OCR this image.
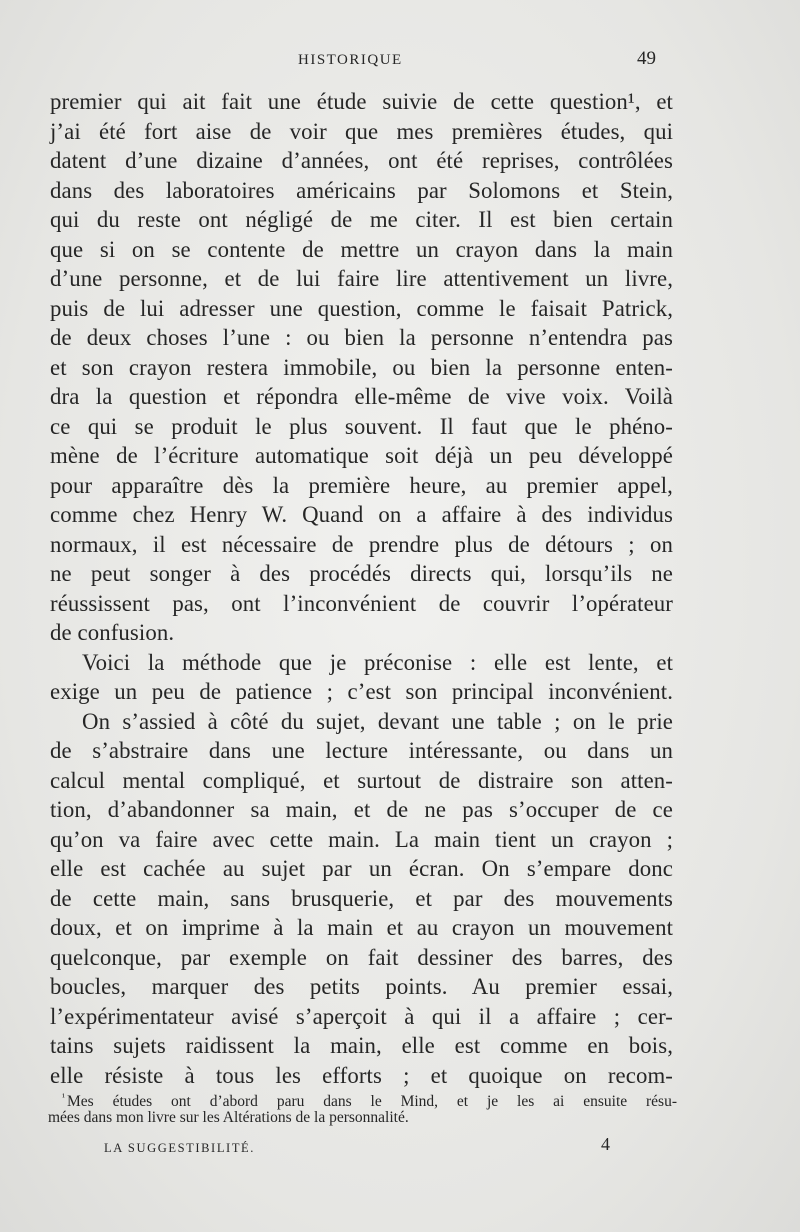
HISTORIQUE	49
premier qui ait fait une étude suivie de cette question¹, et
j’ai été fort aise de voir que mes premières études, qui
datent d’une dizaine d’années, ont été reprises, contrôlées
dans des laboratoires américains par Solomons et Stein,
qui du reste ont négligé de me citer. Il est bien certain
que si on se contente de mettre un crayon dans la main
d’une personne, et de lui faire lire attentivement un livre,
puis de lui adresser une question, comme le faisait Patrick,
de deux choses l’une : ou bien la personne n’entendra pas
et son crayon restera immobile, ou bien la personne enten-
dra la question et répondra elle-même de vive voix. Voilà
ce qui se produit le plus souvent. Il faut que le phéno-
mène de l’écriture automatique soit déjà un peu développé
pour apparaître dès la première heure, au premier appel,
comme chez Henry W. Quand on a affaire à des individus
normaux, il est nécessaire de prendre plus de détours ; on
ne peut songer à des procédés directs qui, lorsqu’ils ne
réussissent pas, ont l’inconvénient de couvrir l’opérateur
de confusion.
Voici la méthode que je préconise : elle est lente, et
exige un peu de patience ; c’est son principal inconvénient.
On s’assied à côté du sujet, devant une table ; on le prie
de s’abstraire dans une lecture intéressante, ou dans un
calcul mental compliqué, et surtout de distraire son atten-
tion, d’abandonner sa main, et de ne pas s’occuper de ce
qu’on va faire avec cette main. La main tient un crayon ;
elle est cachée au sujet par un écran. On s’empare donc
de cette main, sans brusquerie, et par des mouvements
doux, et on imprime à la main et au crayon un mouvement
quelconque, par exemple on fait dessiner des barres, des
boucles, marquer des petits points. Au premier essai,
l’expérimentateur avisé s’aperçoit à qui il a affaire ; cer-
tains sujets raidissent la main, elle est comme en bois,
elle résiste à tous les efforts ; et quoique on recom-
$^{^1}$ Mes études ont d’abord paru dans le Mind, et je les ai ensuite résu-
mées dans mon livre sur les Altérations de la personnalité.
LA SUGGESTIBILITÉ.	4
